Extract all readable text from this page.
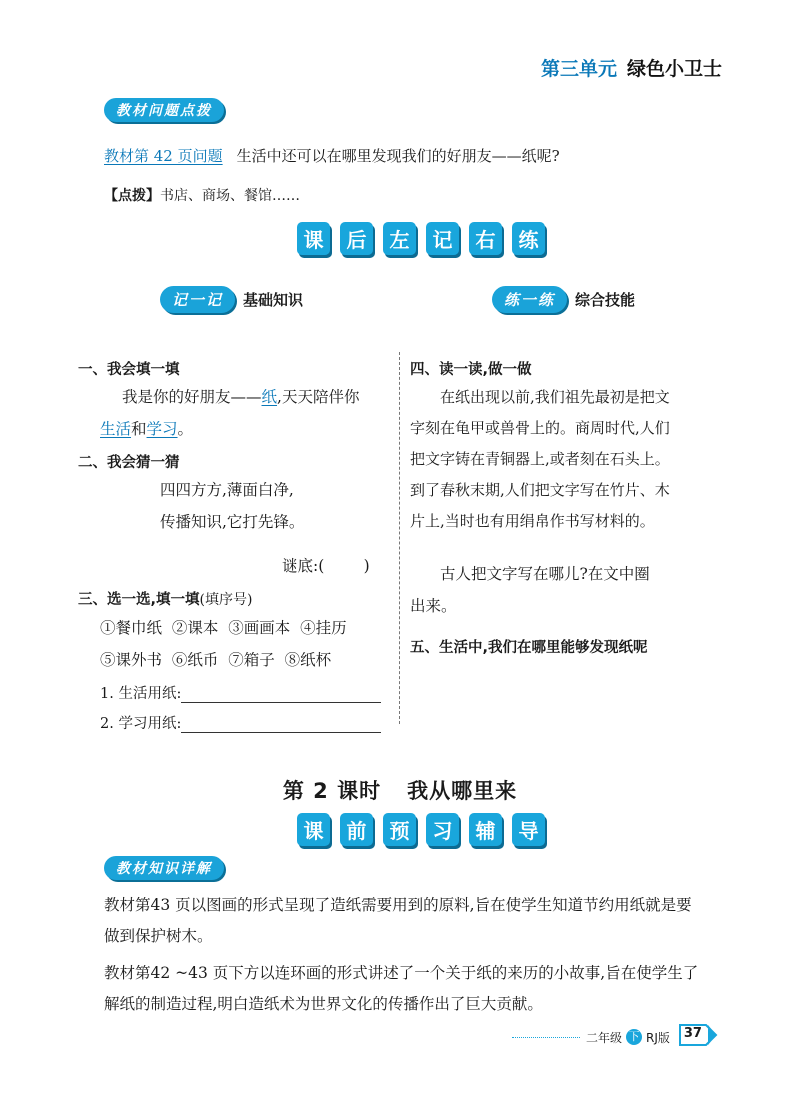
第三单元 绿色小卫士
教材问题点拨
教材第 42 页问题 生活中还可以在哪里发现我们的好朋友——纸呢?
【点拨】书店、商场、餐馆……
课	后	左	记	右	练
记一记	基础知识	练一练	综合技能
一、我会填一填
我是你的好朋友——纸,天天陪伴你
生活和学习。
二、我会猜一猜
四四方方,薄面白净,
传播知识,它打先锋。
谜底:(        )
三、选一选,填一填(填序号)
①餐巾纸 ②课本 ③画画本 ④挂历
⑤课外书 ⑥纸币 ⑦箱子 ⑧纸杯
1. 生活用纸:
2. 学习用纸:
四、读一读,做一做
在纸出现以前,我们祖先最初是把文
字刻在龟甲或兽骨上的。商周时代,人们
把文字铸在青铜器上,或者刻在石头上。
到了春秋末期,人们把文字写在竹片、木
片上,当时也有用绢帛作书写材料的。
古人把文字写在哪儿?在文中圈
出来。
五、生活中,我们在哪里能够发现纸呢
第 2 课时 我从哪里来
课	前	预	习	辅	导
教材知识详解
教材第43 页以图画的形式呈现了造纸需要用到的原料,旨在使学生知道节约用纸就是要
做到保护树木。
教材第42 ~43 页下方以连环画的形式讲述了一个关于纸的来历的小故事,旨在使学生了
解纸的制造过程,明白造纸术为世界文化的传播作出了巨大贡献。
二年级 下 RJ版	37
